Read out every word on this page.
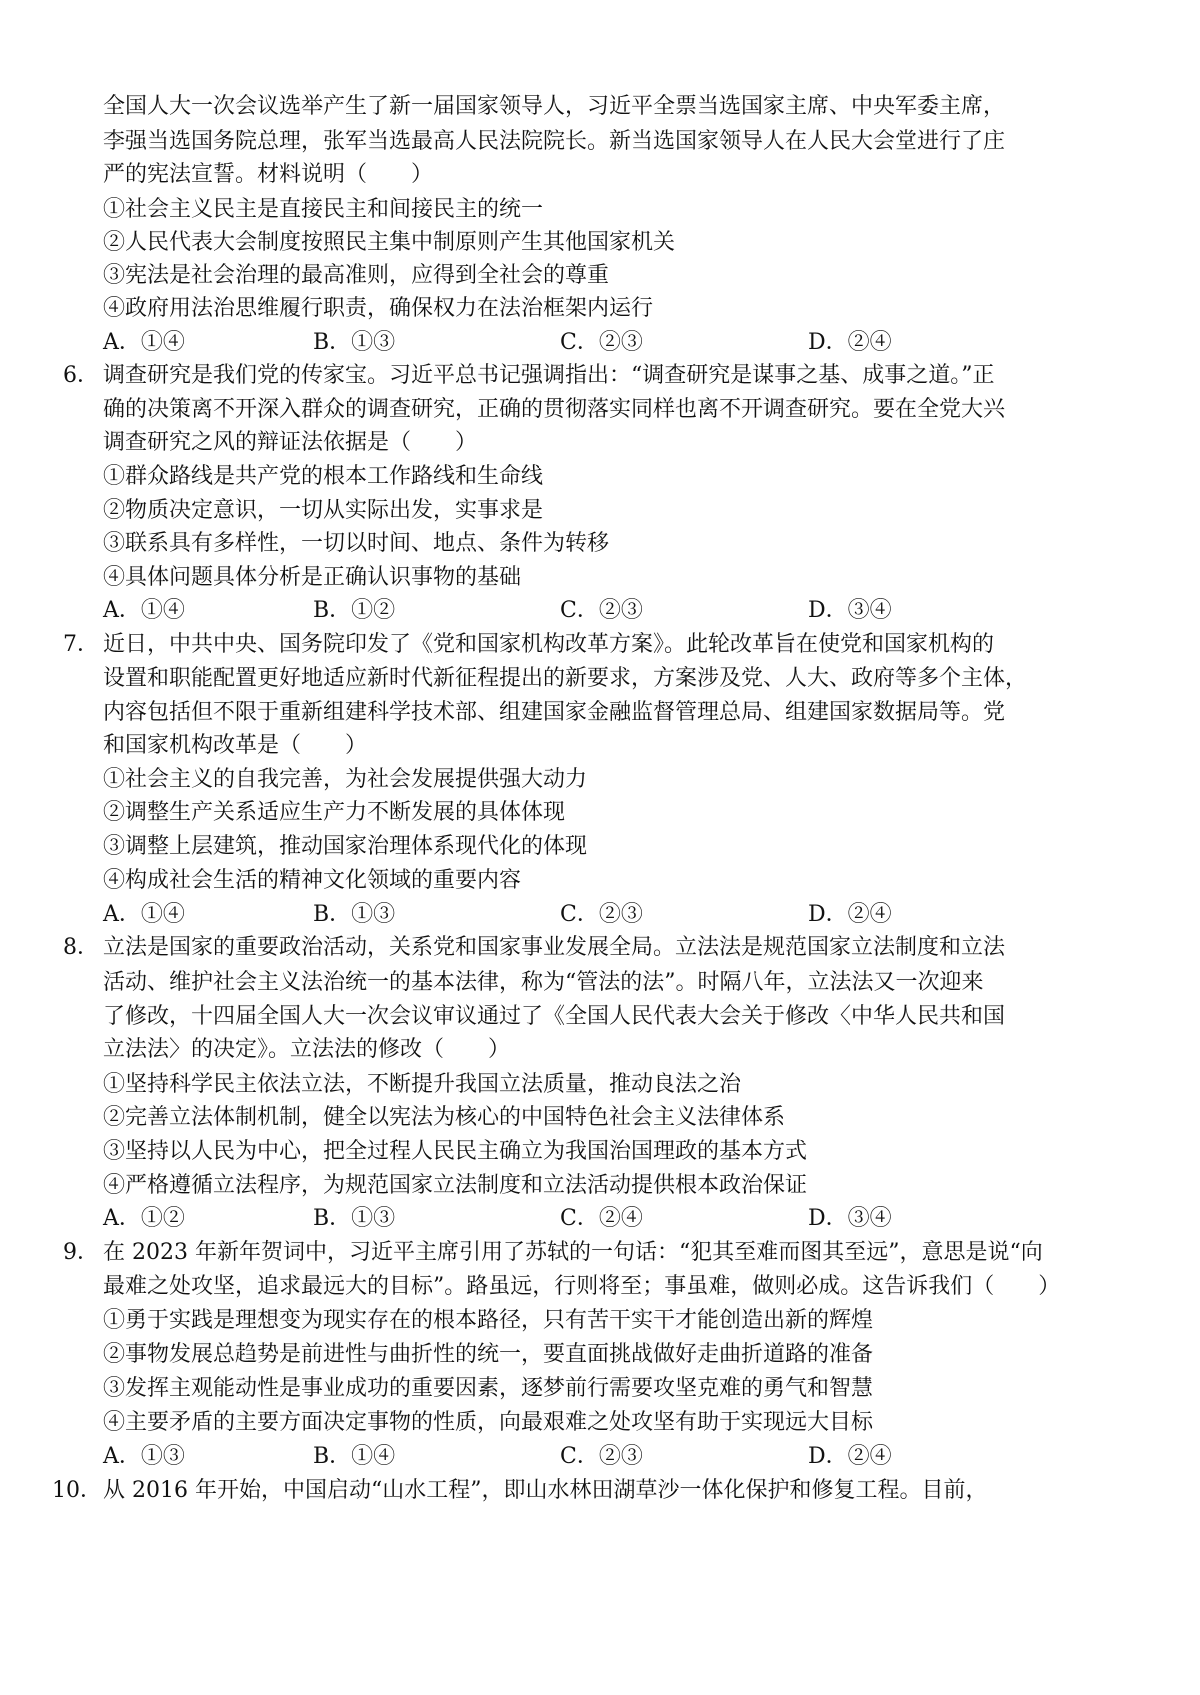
全国人大一次会议选举产生了新一届国家领导人，习近平全票当选国家主席、中央军委主席，
李强当选国务院总理，张军当选最高人民法院院长。新当选国家领导人在人民大会堂进行了庄
严的宪法宣誓。材料说明（　　）
①社会主义民主是直接民主和间接民主的统一
②人民代表大会制度按照民主集中制原则产生其他国家机关
③宪法是社会治理的最高准则，应得到全社会的尊重
④政府用法治思维履行职责，确保权力在法治框架内运行
A．①④	B．①③	C．②③	D．②④
6． 调查研究是我们党的传家宝。习近平总书记强调指出：“调查研究是谋事之基、成事之道。”正
确的决策离不开深入群众的调查研究，正确的贯彻落实同样也离不开调查研究。要在全党大兴
调查研究之风的辩证法依据是（　　）
①群众路线是共产党的根本工作路线和生命线
②物质决定意识，一切从实际出发，实事求是
③联系具有多样性，一切以时间、地点、条件为转移
④具体问题具体分析是正确认识事物的基础
A．①④	B．①②	C．②③	D．③④
7． 近日，中共中央、国务院印发了《党和国家机构改革方案》。此轮改革旨在使党和国家机构的
设置和职能配置更好地适应新时代新征程提出的新要求，方案涉及党、人大、政府等多个主体，
内容包括但不限于重新组建科学技术部、组建国家金融监督管理总局、组建国家数据局等。党
和国家机构改革是（　　）
①社会主义的自我完善，为社会发展提供强大动力
②调整生产关系适应生产力不断发展的具体体现
③调整上层建筑，推动国家治理体系现代化的体现
④构成社会生活的精神文化领域的重要内容
A．①④	B．①③	C．②③	D．②④
8． 立法是国家的重要政治活动，关系党和国家事业发展全局。立法法是规范国家立法制度和立法
活动、维护社会主义法治统一的基本法律，称为“管法的法”。时隔八年，立法法又一次迎来
了修改，十四届全国人大一次会议审议通过了《全国人民代表大会关于修改〈中华人民共和国
立法法〉的决定》。立法法的修改（　　）
①坚持科学民主依法立法，不断提升我国立法质量，推动良法之治
②完善立法体制机制，健全以宪法为核心的中国特色社会主义法律体系
③坚持以人民为中心，把全过程人民民主确立为我国治国理政的基本方式
④严格遵循立法程序，为规范国家立法制度和立法活动提供根本政治保证
A．①②	B．①③	C．②④	D．③④
9． 在 2023 年新年贺词中，习近平主席引用了苏轼的一句话：“犯其至难而图其至远”，意思是说“向
最难之处攻坚，追求最远大的目标”。路虽远，行则将至；事虽难，做则必成。这告诉我们（　　）
①勇于实践是理想变为现实存在的根本路径，只有苦干实干才能创造出新的辉煌
②事物发展总趋势是前进性与曲折性的统一，要直面挑战做好走曲折道路的准备
③发挥主观能动性是事业成功的重要因素，逐梦前行需要攻坚克难的勇气和智慧
④主要矛盾的主要方面决定事物的性质，向最艰难之处攻坚有助于实现远大目标
A．①③	B．①④	C．②③	D．②④
10． 从 2016 年开始，中国启动“山水工程”，即山水林田湖草沙一体化保护和修复工程。目前，
